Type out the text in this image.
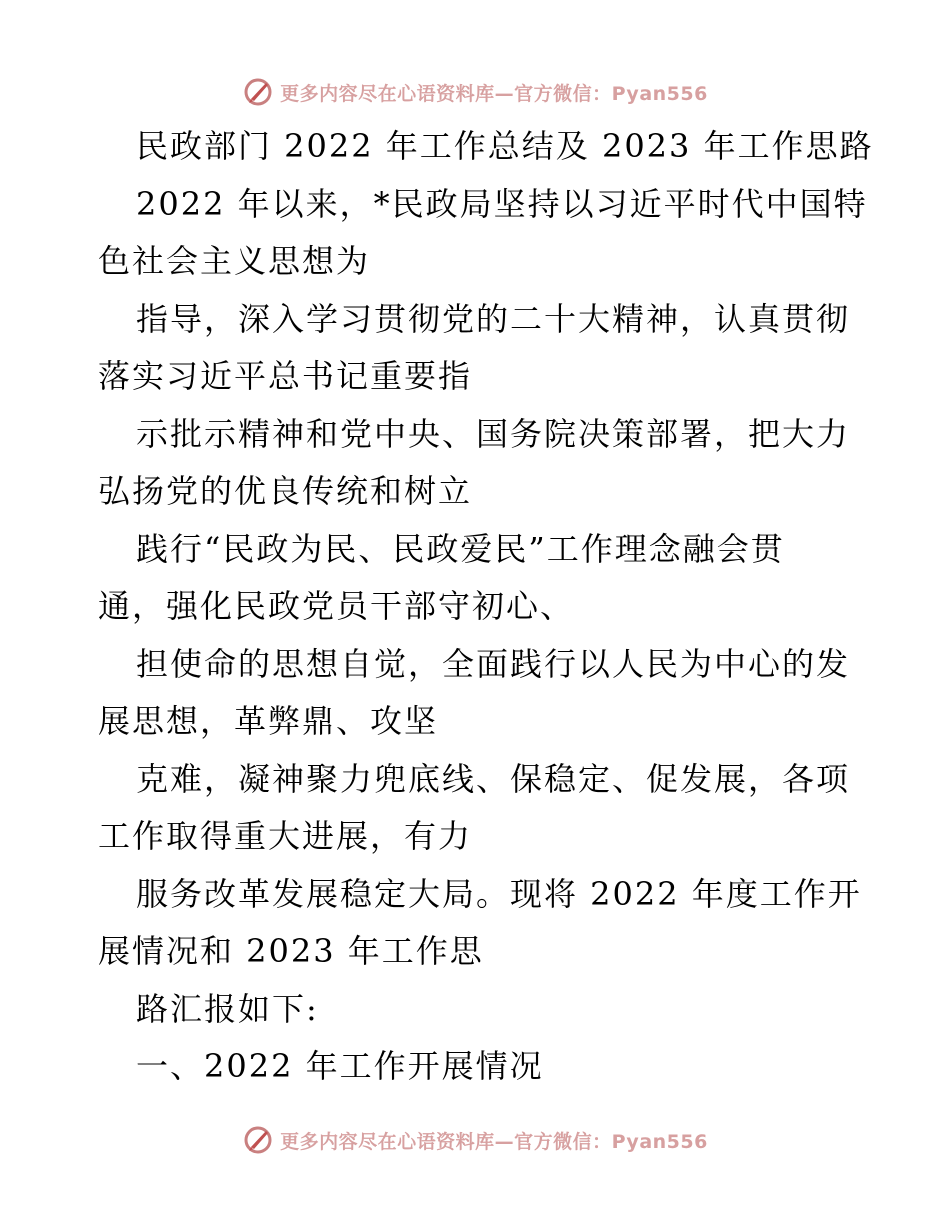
更多内容尽在心语资料库—官方微信：Pyan556
民政部门 2022 年工作总结及 2023 年工作思路
2022 年以来，*民政局坚持以习近平时代中国特
色社会主义思想为
指导，深入学习贯彻党的二十大精神，认真贯彻
落实习近平总书记重要指
示批示精神和党中央、国务院决策部署，把大力
弘扬党的优良传统和树立
践行“民政为民、民政爱民”工作理念融会贯
通，强化民政党员干部守初心、
担使命的思想自觉，全面践行以人民为中心的发
展思想，革弊鼎、攻坚
克难，凝神聚力兜底线、保稳定、促发展，各项
工作取得重大进展，有力
服务改革发展稳定大局。现将 2022 年度工作开
展情况和 2023 年工作思
路汇报如下:
一、2022 年工作开展情况
更多内容尽在心语资料库—官方微信：Pyan556
